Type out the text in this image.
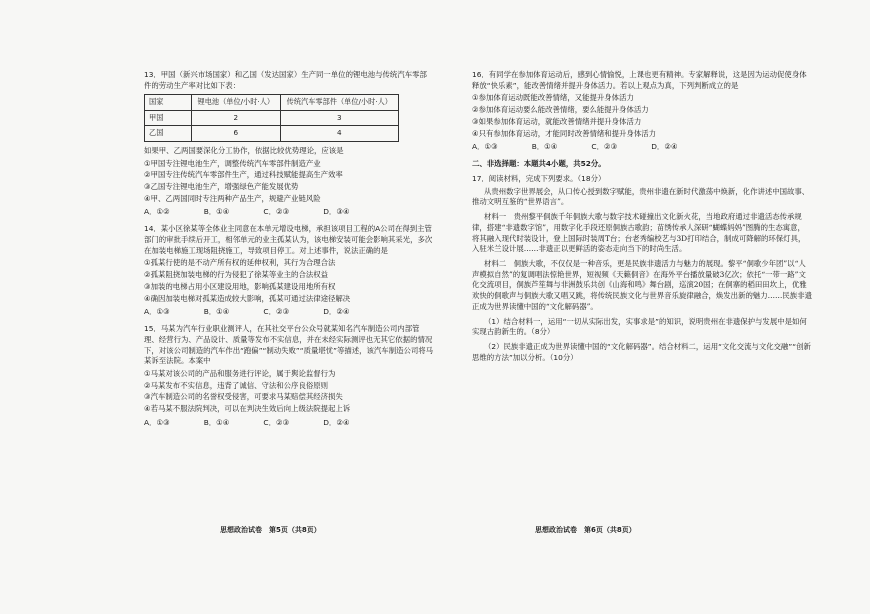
13．甲国（新兴市场国家）和乙国（发达国家）生产同一单位的锂电池与传统汽车零部件的劳动生产率对比如下表：

国家	锂电池（单位/小时·人）	传统汽车零部件（单位/小时·人）
甲国	2	3
乙国	6	4

如果甲、乙两国要深化分工协作，依据比较优势理论，应该是

①甲国专注锂电池生产，调整传统汽车零部件制造产业
②甲国专注传统汽车零部件生产，通过科技赋能提高生产效率
③乙国专注锂电池生产，增强绿色产能发展优势
④甲、乙两国同时专注两种产品生产，规避产业链风险
A．①②	B．①④	C．②③	D．③④

14．某小区徐某等全体业主同意在本单元增设电梯，承担该项目工程的A公司在得到主管部门的审批手续后开工，相邻单元的业主孤某认为，该电梯安装可能会影响其采光，多次在加装电梯施工现场阻挠施工，导致项目停工。对上述事件，说法正确的是

①孤某行使的是不动产所有权的延伸权利，其行为合理合法
②孤某阻挠加装电梯的行为侵犯了徐某等业主的合法权益
③加装的电梯占用小区建设用地，影响孤某建设用地所有权
④确因加装电梯对孤某造成较大影响，孤某可通过法律途径解决
A．①③	B．①④	C．②③	D．②④

15．马某为汽车行业职业测评人，在其社交平台公众号就某知名汽车制造公司内部管理、经营行为、产品设计、质量等发布不实信息，并在未经实际测评也无其它依据的情况下，对该公司制造的汽车作出“跑偏”“制动失败”“质量堪忧”等描述，该汽车制造公司将马某诉至法院。本案中

①马某对该公司的产品和服务进行评论，属于舆论监督行为
②马某发布不实信息，违背了诚信、守法和公序良俗原则
③汽车制造公司的名誉权受侵害，可要求马某赔偿其经济损失
④若马某不服法院判决，可以在判决生效后向上级法院提起上诉
A．①③	B．①④	C．②③	D．②④
思想政治试卷　第5页（共8页）

16．有同学在参加体育运动后，感到心情愉悦，上课也更有精神。专家解释说，这是因为运动促使身体释放“快乐素”，能改善情绪并提升身体活力。若以上观点为真，下列判断成立的是

①参加体育运动既能改善情绪，又能提升身体活力
②参加体育运动要么能改善情绪，要么能提升身体活力
③如果参加体育运动，就能改善情绪并提升身体活力
④只有参加体育运动，才能同时改善情绪和提升身体活力
A．①③	B．①④	C．②③	D．②④

二、非选择题：本题共4小题，共52分。

17．阅读材料，完成下列要求。（18分）

从贵州数字世界展会，从口传心授到数字赋能，贵州非遗在新时代激荡中焕新，化作讲述中国故事、推动文明互鉴的“世界语言”。

材料一　贵州黎平侗族千年侗族大歌与数字技术碰撞出文化新火花，当地政府通过非遗活态传承规律，搭建“非遗数字馆”，用数字化手段还原侗族古歌韵；苗绣传承人深研“蝴蝶妈妈”图腾的生态寓意，将其融入现代时装设计，登上国际时装周T台；台老秀编校艺与3D打印结合，制成可降解的环保灯具，入驻米兰设计展……非遗正以更鲜活的姿态走向当下的时尚生活。

材料二　侗族大歌，不仅仅是一种音乐，更是民族非遗活力与魅力的展现。黎平“侗歌少年团”以“人声模拟自然”的复调唱法惊艳世界，短视频《天籁侗音》在海外平台播放量破3亿次；依托“一带一路”文化交流项目，侗族芦笙舞与非洲鼓乐共创《山海和鸣》舞台剧，巡演20国；在侗寨的稻田田坎上，优雅欢快的侗歌声与侗族大歌又唱又跳，将传统民族文化与世界音乐旋律融合，焕发出新的魅力……民族非遗正成为世界读懂中国的“文化解码器”。

（1）结合材料一，运用“一切从实际出发，实事求是”的知识，说明贵州在非遗保护与发展中是如何实现古韵新生的。（8分）

（2）民族非遗正成为世界读懂中国的“文化解码器”。结合材料二，运用“文化交流与文化交融”“创新思维的方法”加以分析。（10分）

思想政治试卷　第6页（共8页）
